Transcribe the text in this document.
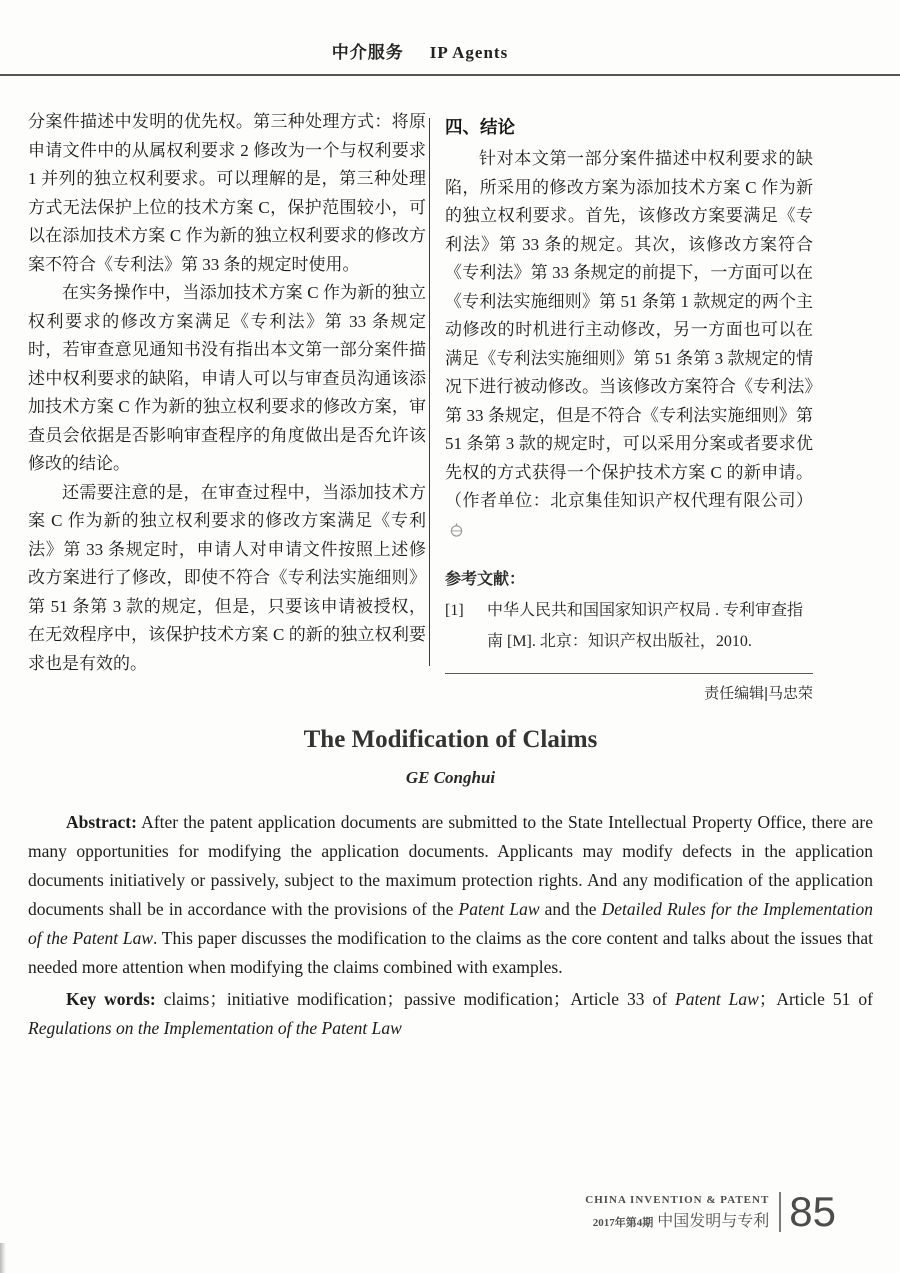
中介服务 IP Agents

分案件描述中发明的优先权。第三种处理方式：将原申请文件中的从属权利要求 2 修改为一个与权利要求 1 并列的独立权利要求。可以理解的是，第三种处理方式无法保护上位的技术方案 C，保护范围较小，可以在添加技术方案 C 作为新的独立权利要求的修改方案不符合《专利法》第 33 条的规定时使用。

在实务操作中，当添加技术方案 C 作为新的独立权利要求的修改方案满足《专利法》第 33 条规定时，若审查意见通知书没有指出本文第一部分案件描述中权利要求的缺陷，申请人可以与审查员沟通该添加技术方案 C 作为新的独立权利要求的修改方案，审查员会依据是否影响审查程序的角度做出是否允许该修改的结论。

还需要注意的是，在审查过程中，当添加技术方案 C 作为新的独立权利要求的修改方案满足《专利法》第 33 条规定时，申请人对申请文件按照上述修改方案进行了修改，即使不符合《专利法实施细则》第 51 条第 3 款的规定，但是，只要该申请被授权，在无效程序中，该保护技术方案 C 的新的独立权利要求也是有效的。

四、结论

针对本文第一部分案件描述中权利要求的缺陷，所采用的修改方案为添加技术方案 C 作为新的独立权利要求。首先，该修改方案要满足《专利法》第 33 条的规定。其次，该修改方案符合《专利法》第 33 条规定的前提下，一方面可以在《专利法实施细则》第 51 条第 1 款规定的两个主动修改的时机进行主动修改，另一方面也可以在满足《专利法实施细则》第 51 条第 3 款规定的情况下进行被动修改。当该修改方案符合《专利法》第 33 条规定，但是不符合《专利法实施细则》第 51 条第 3 款的规定时，可以采用分案或者要求优先权的方式获得一个保护技术方案 C 的新申请。（作者单位：北京集佳知识产权代理有限公司）

参考文献：
[1]	中华人民共和国国家知识产权局 . 专利审查指南 [M]. 北京：知识产权出版社，2010.
责任编辑|马忠荣
The Modification of Claims
GE Conghui

Abstract: After the patent application documents are submitted to the State Intellectual Property Office, there are many opportunities for modifying the application documents. Applicants may modify defects in the application documents initiatively or passively, subject to the maximum protection rights. And any modification of the application documents shall be in accordance with the provisions of the Patent Law and the Detailed Rules for the Implementation of the Patent Law. This paper discusses the modification to the claims as the core content and talks about the issues that needed more attention when modifying the claims combined with examples.

Key words: claims；initiative modification；passive modification；Article 33 of Patent Law；Article 51 of Regulations on the Implementation of the Patent Law

CHINA INVENTION & PATENT
2017年第4期 中国发明与专利 85
